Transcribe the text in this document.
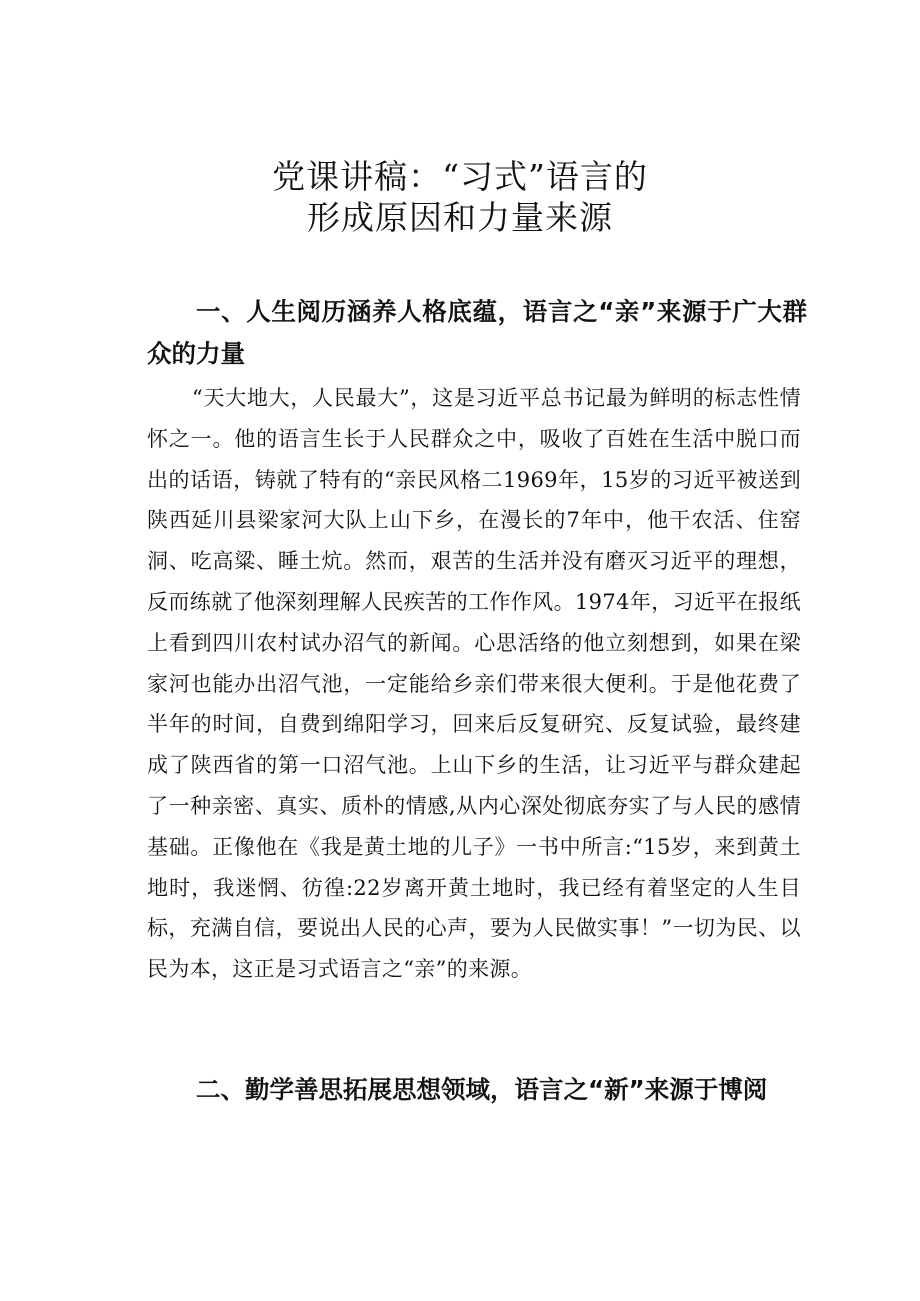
党课讲稿：“习式”语言的
形成原因和力量来源
一、人生阅历涵养人格底蕴，语言之“亲”来源于广大群众的力量

“天大地大，人民最大”，这是习近平总书记最为鲜明的标志性情怀之一。他的语言生长于人民群众之中，吸收了百姓在生活中脱口而出的话语，铸就了特有的“亲民风格二1969年，15岁的习近平被送到陕西延川县梁家河大队上山下乡，在漫长的7年中，他干农活、住窑洞、吃高粱、睡土炕。然而，艰苦的生活并没有磨灭习近平的理想，反而练就了他深刻理解人民疾苦的工作作风。1974年，习近平在报纸上看到四川农村试办沼气的新闻。心思活络的他立刻想到，如果在梁家河也能办出沼气池，一定能给乡亲们带来很大便利。于是他花费了半年的时间，自费到绵阳学习，回来后反复研究、反复试验，最终建成了陕西省的第一口沼气池。上山下乡的生活，让习近平与群众建起了一种亲密、真实、质朴的情感,从内心深处彻底夯实了与人民的感情基础。正像他在《我是黄土地的儿子》一书中所言:“15岁，来到黄土地时，我迷惘、彷徨:22岁离开黄土地时，我已经有着坚定的人生目标，充满自信，要说出人民的心声，要为人民做实事！”一切为民、以民为本，这正是习式语言之“亲”的来源。

二、勤学善思拓展思想领域，语言之“新”来源于博阅
